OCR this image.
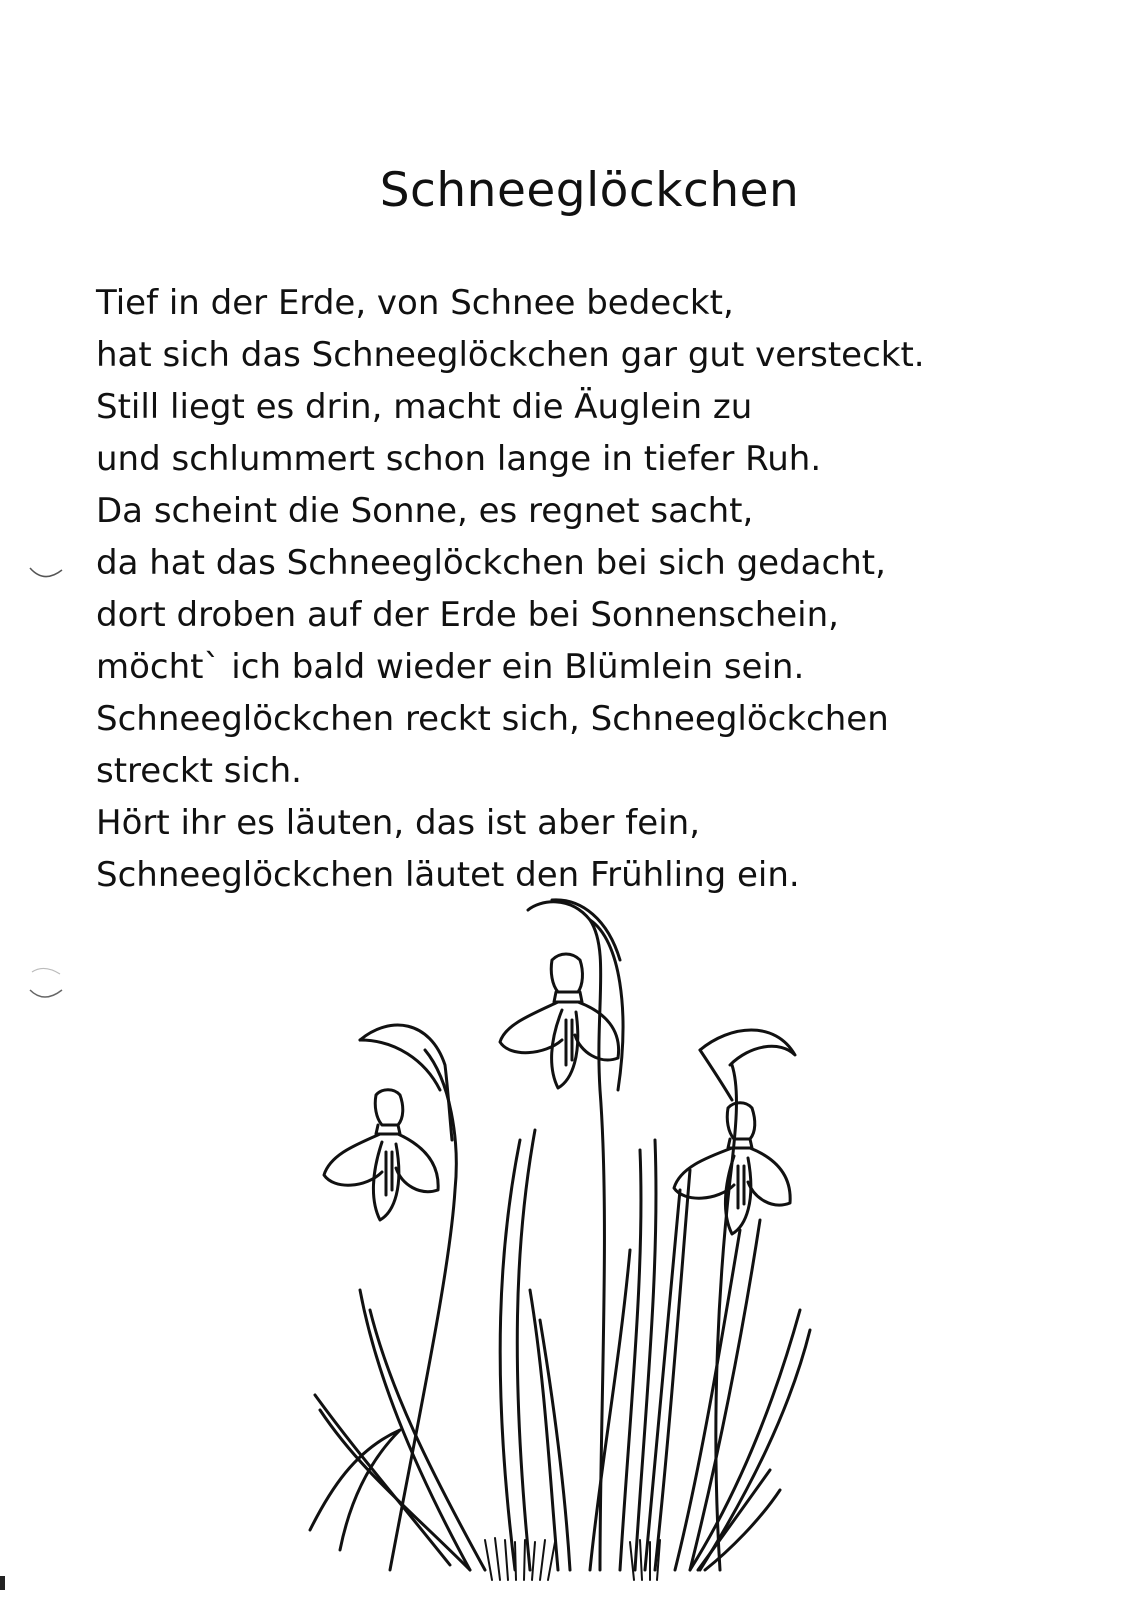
Schneeglöckchen
Tief in der Erde, von Schnee bedeckt,
hat sich das Schneeglöckchen gar gut versteckt.
Still liegt es drin, macht die Äuglein zu
und schlummert schon lange in tiefer Ruh.
Da scheint die Sonne, es regnet sacht,
da hat das Schneeglöckchen bei sich gedacht,
dort droben auf der Erde bei Sonnenschein,
möcht` ich bald wieder ein Blümlein sein.
Schneeglöckchen reckt sich, Schneeglöckchen
streckt sich.
Hört ihr es läuten, das ist aber fein,
Schneeglöckchen läutet den Frühling ein.
